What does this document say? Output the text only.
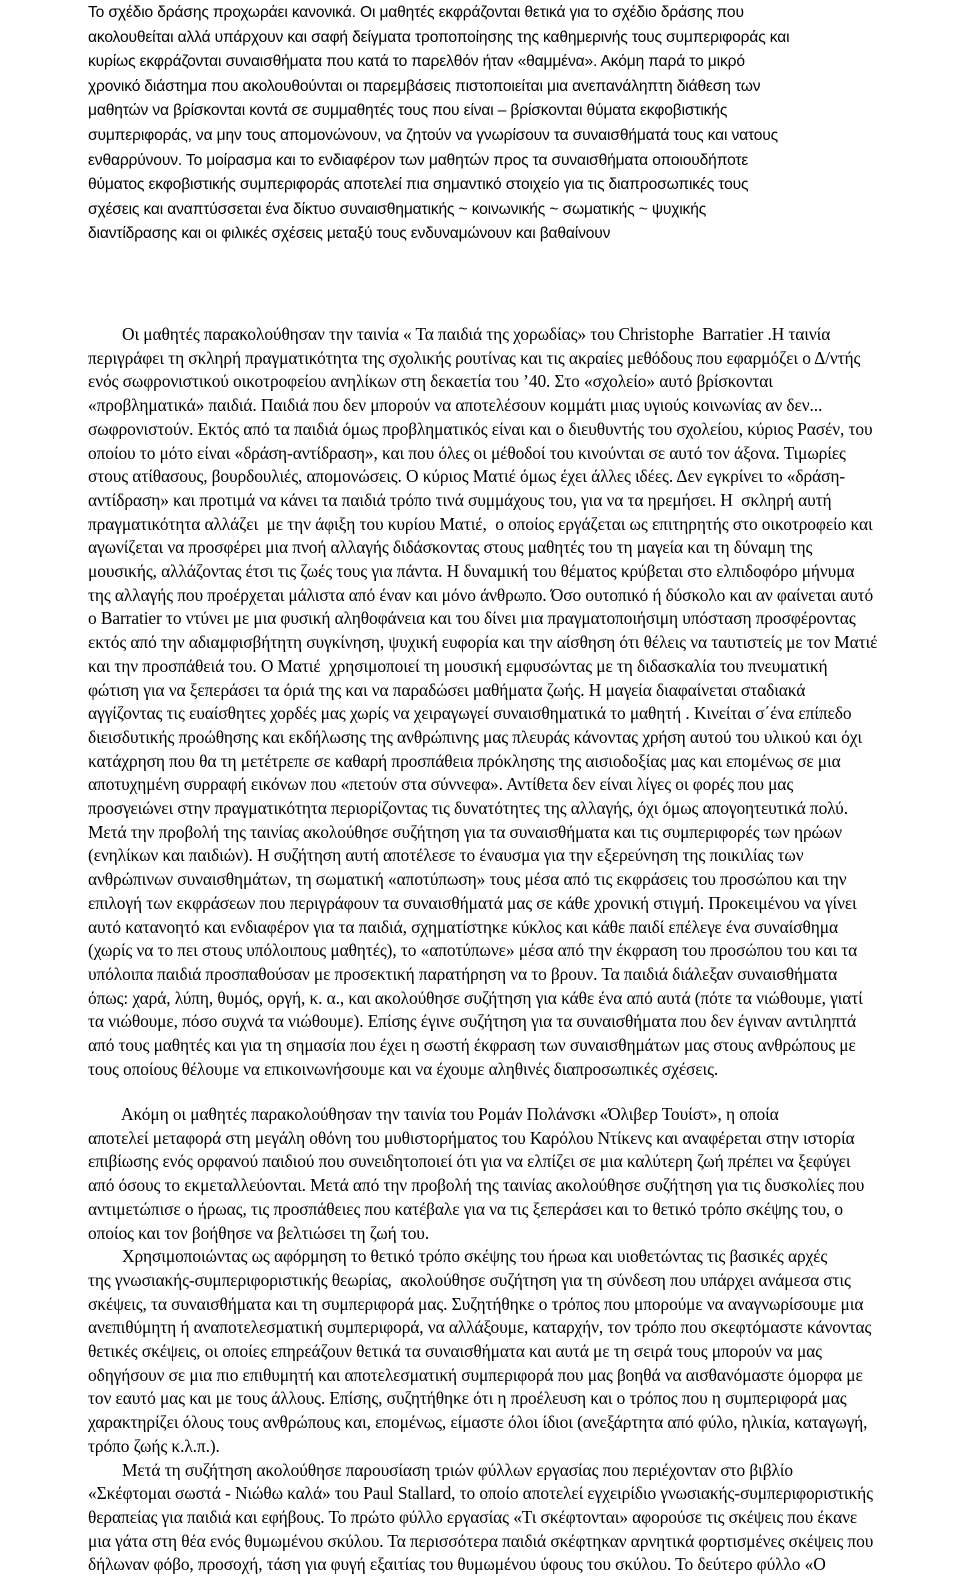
Το σχέδιο δράσης προχωράει κανονικά. Οι μαθητές εκφράζονται θετικά για το σχέδιο δράσης που
ακολουθείται αλλά υπάρχουν και σαφή δείγματα τροποποίησης της καθημερινής τους συμπεριφοράς και
κυρίως εκφράζονται συναισθήματα που κατά το παρελθόν ήταν «θαμμένα». Ακόμη παρά το μικρό
χρονικό διάστημα που ακολουθούνται οι παρεμβάσεις πιστοποιείται μια ανεπανάληπτη διάθεση των
μαθητών να βρίσκονται κοντά σε συμμαθητές τους που είναι – βρίσκονται θύματα εκφοβιστικής
συμπεριφοράς, να μην τους απομονώνουν, να ζητούν να γνωρίσουν τα συναισθήματά τους και νατους
ενθαρρύνουν. Το μοίρασμα και το ενδιαφέρον των μαθητών προς τα συναισθήματα οποιουδήποτε
θύματος εκφοβιστικής συμπεριφοράς αποτελεί πια σημαντικό στοιχείο για τις διαπροσωπικές τους
σχέσεις και αναπτύσσεται ένα δίκτυο συναισθηματικής ~ κοινωνικής ~ σωματικής ~ ψυχικής
διαντίδρασης και οι φιλικές σχέσεις μεταξύ τους ενδυναμώνουν και βαθαίνουν
Οι μαθητές παρακολούθησαν την ταινία « Τα παιδιά της χορωδίας» του Christophe  Barratier .Η ταινία
περιγράφει τη σκληρή πραγματικότητα της σχολικής ρουτίνας και τις ακραίες μεθόδους που εφαρμόζει ο Δ/ντής
ενός σωφρονιστικού οικοτροφείου ανηλίκων στη δεκαετία του ’40. Στο «σχολείο» αυτό βρίσκονται
«προβληματικά» παιδιά. Παιδιά που δεν μπορούν να αποτελέσουν κομμάτι μιας υγιούς κοινωνίας αν δεν...
σωφρονιστούν. Εκτός από τα παιδιά όμως προβληματικός είναι και ο διευθυντής του σχολείου, κύριος Ρασέν, του
οποίου το μότο είναι «δράση-αντίδραση», και που όλες οι μέθοδοί του κινούνται σε αυτό τον άξονα. Τιμωρίες
στους ατίθασους, βουρδουλιές, απομονώσεις. Ο κύριος Ματιέ όμως έχει άλλες ιδέες. Δεν εγκρίνει το «δράση-
αντίδραση» και προτιμά να κάνει τα παιδιά τρόπο τινά συμμάχους του, για να τα ηρεμήσει. Η  σκληρή αυτή
πραγματικότητα αλλάζει  με την άφιξη του κυρίου Ματιέ,  ο οποίος εργάζεται ως επιτηρητής στο οικοτροφείο και
αγωνίζεται να προσφέρει μια πνοή αλλαγής διδάσκοντας στους μαθητές του τη μαγεία και τη δύναμη της
μουσικής, αλλάζοντας έτσι τις ζωές τους για πάντα. Η δυναμική του θέματος κρύβεται στο ελπιδοφόρο μήνυμα
της αλλαγής που προέρχεται μάλιστα από έναν και μόνο άνθρωπο. Όσο ουτοπικό ή δύσκολο και αν φαίνεται αυτό
ο Barratier το ντύνει με μια φυσική αληθοφάνεια και του δίνει μια πραγματοποιήσιμη υπόσταση προσφέροντας
εκτός από την αδιαμφισβήτητη συγκίνηση, ψυχική ευφορία και την αίσθηση ότι θέλεις να ταυτιστείς με τον Ματιέ
και την προσπάθειά του. Ο Ματιέ  χρησιμοποιεί τη μουσική εμφυσώντας με τη διδασκαλία του πνευματική
φώτιση για να ξεπεράσει τα όριά της και να παραδώσει μαθήματα ζωής. Η μαγεία διαφαίνεται σταδιακά
αγγίζοντας τις ευαίσθητες χορδές μας χωρίς να χειραγωγεί συναισθηματικά το μαθητή . Κινείται σ΄ένα επίπεδο
διεισδυτικής προώθησης και εκδήλωσης της ανθρώπινης μας πλευράς κάνοντας χρήση αυτού του υλικού και όχι
κατάχρηση που θα τη μετέτρεπε σε καθαρή προσπάθεια πρόκλησης της αισιοδοξίας μας και επομένως σε μια
αποτυχημένη συρραφή εικόνων που «πετούν στα σύννεφα». Αντίθετα δεν είναι λίγες οι φορές που μας
προσγειώνει στην πραγματικότητα περιορίζοντας τις δυνατότητες της αλλαγής, όχι όμως απογοητευτικά πολύ.
Μετά την προβολή της ταινίας ακολούθησε συζήτηση για τα συναισθήματα και τις συμπεριφορές των ηρώων
(ενηλίκων και παιδιών). Η συζήτηση αυτή αποτέλεσε το έναυσμα για την εξερεύνηση της ποικιλίας των
ανθρώπινων συναισθημάτων, τη σωματική «αποτύπωση» τους μέσα από τις εκφράσεις του προσώπου και την
επιλογή των εκφράσεων που περιγράφουν τα συναισθήματά μας σε κάθε χρονική στιγμή. Προκειμένου να γίνει
αυτό κατανοητό και ενδιαφέρον για τα παιδιά, σχηματίστηκε κύκλος και κάθε παιδί επέλεγε ένα συναίσθημα
(χωρίς να το πει στους υπόλοιπους μαθητές), το «αποτύπωνε» μέσα από την έκφραση του προσώπου του και τα
υπόλοιπα παιδιά προσπαθούσαν με προσεκτική παρατήρηση να το βρουν. Τα παιδιά διάλεξαν συναισθήματα
όπως: χαρά, λύπη, θυμός, οργή, κ. α., και ακολούθησε συζήτηση για κάθε ένα από αυτά (πότε τα νιώθουμε, γιατί
τα νιώθουμε, πόσο συχνά τα νιώθουμε). Επίσης έγινε συζήτηση για τα συναισθήματα που δεν έγιναν αντιληπτά
από τους μαθητές και για τη σημασία που έχει η σωστή έκφραση των συναισθημάτων μας στους ανθρώπους με
τους οποίους θέλουμε να επικοινωνήσουμε και να έχουμε αληθινές διαπροσωπικές σχέσεις.
Ακόμη οι μαθητές παρακολούθησαν την ταινία του Ρομάν Πολάνσκι «Όλιβερ Τουίστ», η οποία
αποτελεί μεταφορά στη μεγάλη οθόνη του μυθιστορήματος του Καρόλου Ντίκενς και αναφέρεται στην ιστορία
επιβίωσης ενός ορφανού παιδιού που συνειδητοποιεί ότι για να ελπίζει σε μια καλύτερη ζωή πρέπει να ξεφύγει
από όσους το εκμεταλλεύονται. Μετά από την προβολή της ταινίας ακολούθησε συζήτηση για τις δυσκολίες που
αντιμετώπισε ο ήρωας, τις προσπάθειες που κατέβαλε για να τις ξεπεράσει και το θετικό τρόπο σκέψης του, ο
οποίος και τον βοήθησε να βελτιώσει τη ζωή του.
Χρησιμοποιώντας ως αφόρμηση το θετικό τρόπο σκέψης του ήρωα και υιοθετώντας τις βασικές αρχές
της γνωσιακής-συμπεριφοριστικής θεωρίας,  ακολούθησε συζήτηση για τη σύνδεση που υπάρχει ανάμεσα στις
σκέψεις, τα συναισθήματα και τη συμπεριφορά μας. Συζητήθηκε ο τρόπος που μπορούμε να αναγνωρίσουμε μια
ανεπιθύμητη ή αναποτελεσματική συμπεριφορά, να αλλάξουμε, καταρχήν, τον τρόπο που σκεφτόμαστε κάνοντας
θετικές σκέψεις, οι οποίες επηρεάζουν θετικά τα συναισθήματα και αυτά με τη σειρά τους μπορούν να μας
οδηγήσουν σε μια πιο επιθυμητή και αποτελεσματική συμπεριφορά που μας βοηθά να αισθανόμαστε όμορφα με
τον εαυτό μας και με τους άλλους. Επίσης, συζητήθηκε ότι η προέλευση και ο τρόπος που η συμπεριφορά μας
χαρακτηρίζει όλους τους ανθρώπους και, επομένως, είμαστε όλοι ίδιοι (ανεξάρτητα από φύλο, ηλικία, καταγωγή,
τρόπο ζωής κ.λ.π.).
Μετά τη συζήτηση ακολούθησε παρουσίαση τριών φύλλων εργασίας που περιέχονταν στο βιβλίο
«Σκέφτομαι σωστά - Νιώθω καλά» του Paul Stallard, το οποίο αποτελεί εγχειρίδιο γνωσιακής-συμπεριφοριστικής
θεραπείας για παιδιά και εφήβους. Το πρώτο φύλλο εργασίας «Τι σκέφτονται» αφορούσε τις σκέψεις που έκανε
μια γάτα στη θέα ενός θυμωμένου σκύλου. Τα περισσότερα παιδιά σκέφτηκαν αρνητικά φορτισμένες σκέψεις που
δήλωναν φόβο, προσοχή, τάση για φυγή εξαιτίας του θυμωμένου ύφους του σκύλου. Το δεύτερο φύλλο «Ο
